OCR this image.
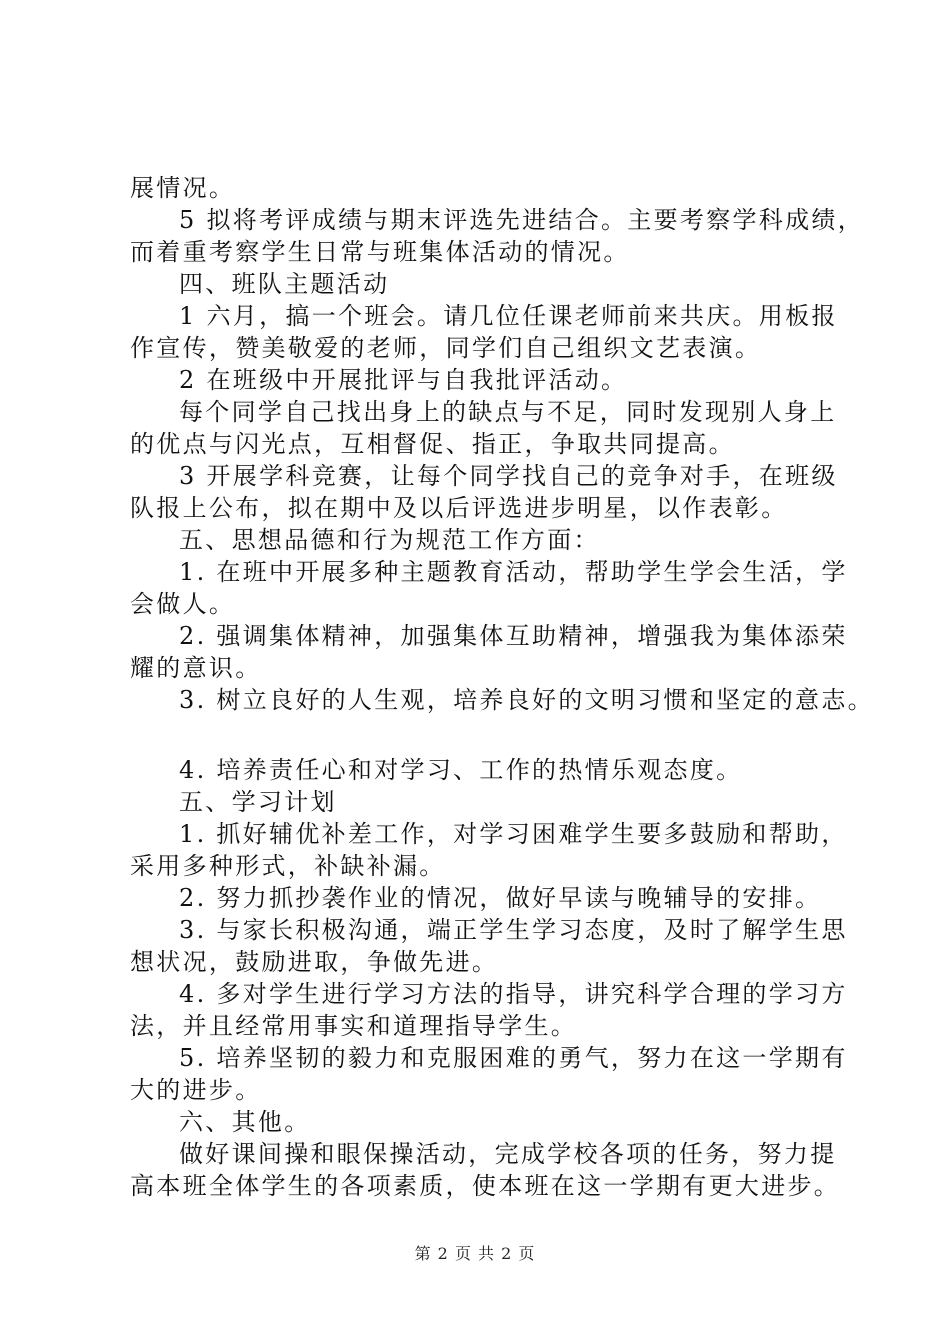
展情况。
5 拟将考评成绩与期末评选先进结合。主要考察学科成绩，
而着重考察学生日常与班集体活动的情况。
四、班队主题活动
1 六月，搞一个班会。请几位任课老师前来共庆。用板报
作宣传，赞美敬爱的老师，同学们自己组织文艺表演。
2 在班级中开展批评与自我批评活动。
每个同学自己找出身上的缺点与不足，同时发现别人身上
的优点与闪光点，互相督促、指正，争取共同提高。
3 开展学科竞赛，让每个同学找自己的竞争对手，在班级
队报上公布，拟在期中及以后评选进步明星，以作表彰。
五、思想品德和行为规范工作方面：
1. 在班中开展多种主题教育活动，帮助学生学会生活，学
会做人。
2. 强调集体精神，加强集体互助精神，增强我为集体添荣
耀的意识。
3. 树立良好的人生观，培养良好的文明习惯和坚定的意志。
4. 培养责任心和对学习、工作的热情乐观态度。
五、学习计划
1. 抓好辅优补差工作，对学习困难学生要多鼓励和帮助，
采用多种形式，补缺补漏。
2. 努力抓抄袭作业的情况，做好早读与晚辅导的安排。
3. 与家长积极沟通，端正学生学习态度，及时了解学生思
想状况，鼓励进取，争做先进。
4. 多对学生进行学习方法的指导，讲究科学合理的学习方
法，并且经常用事实和道理指导学生。
5. 培养坚韧的毅力和克服困难的勇气，努力在这一学期有
大的进步。
六、其他。
做好课间操和眼保操活动，完成学校各项的任务，努力提
高本班全体学生的各项素质，使本班在这一学期有更大进步。
第 2 页 共 2 页
